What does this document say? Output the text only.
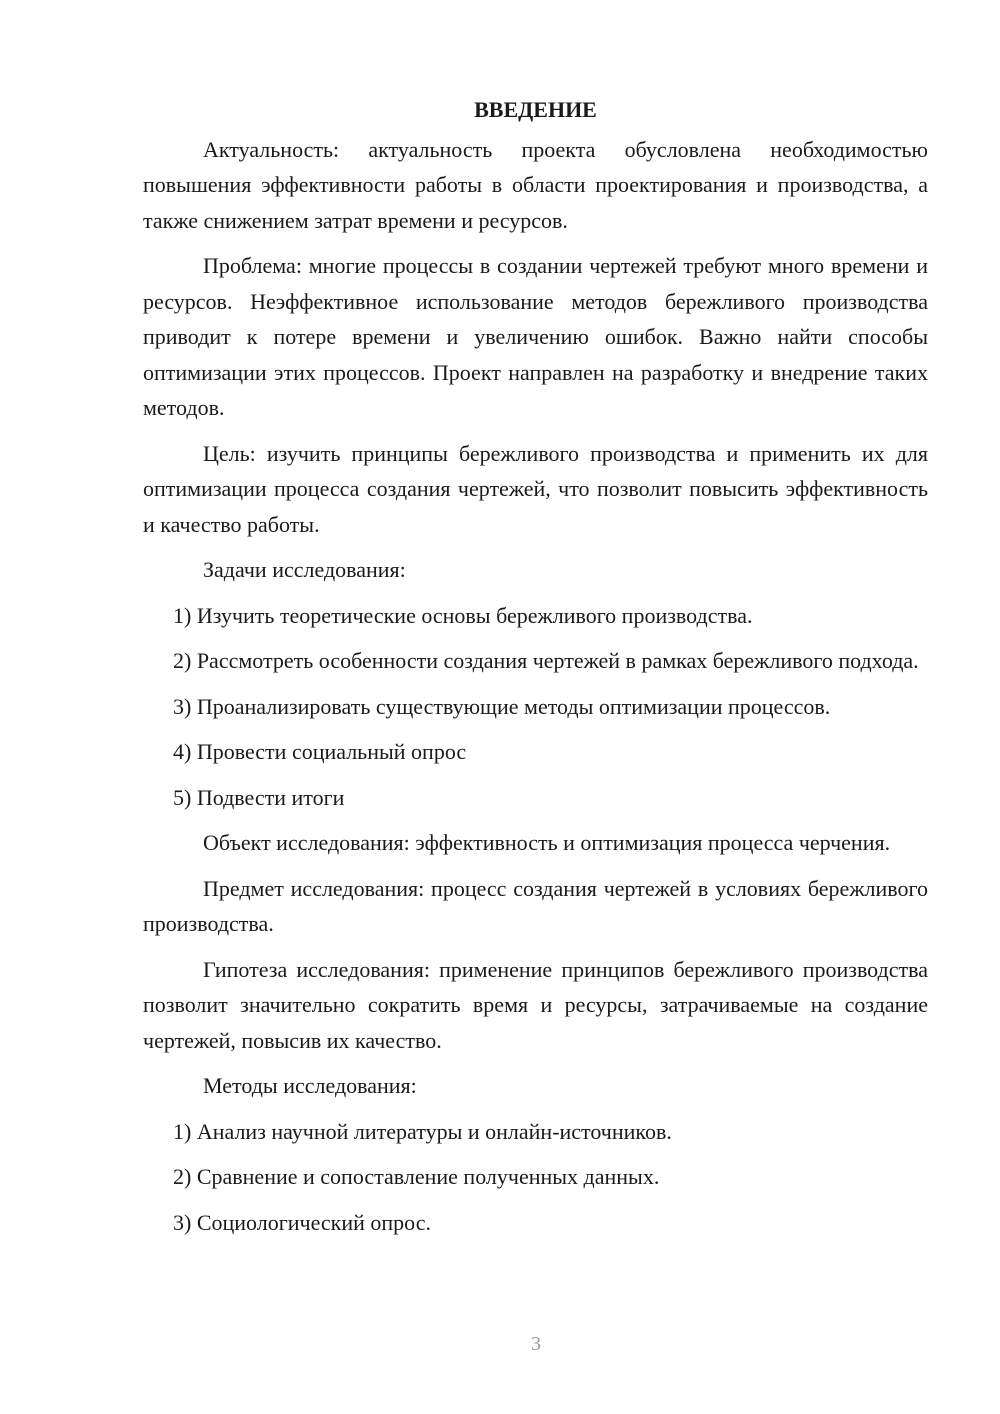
ВВЕДЕНИЕ

Актуальность: актуальность проекта обусловлена необходимостью повышения эффективности работы в области проектирования и производства, а также снижением затрат времени и ресурсов.

Проблема: многие процессы в создании чертежей требуют много времени и ресурсов. Неэффективное использование методов бережливого производства приводит к потере времени и увеличению ошибок. Важно найти способы оптимизации этих процессов. Проект направлен на разработку и внедрение таких методов.

Цель: изучить принципы бережливого производства и применить их для оптимизации процесса создания чертежей, что позволит повысить эффективность и качество работы.

Задачи исследования:

1) Изучить теоретические основы бережливого производства.

2) Рассмотреть особенности создания чертежей в рамках бережливого подхода.

3) Проанализировать существующие методы оптимизации процессов.

4) Провести социальный опрос

5) Подвести итоги

Объект исследования: эффективность и оптимизация процесса черчения.

Предмет исследования: процесс создания чертежей в условиях бережливого производства.

Гипотеза исследования: применение принципов бережливого производства позволит значительно сократить время и ресурсы, затрачиваемые на создание чертежей, повысив их качество.

Методы исследования:

1) Анализ научной литературы и онлайн-источников.

2) Сравнение и сопоставление полученных данных.

3) Социологический опрос.

3
